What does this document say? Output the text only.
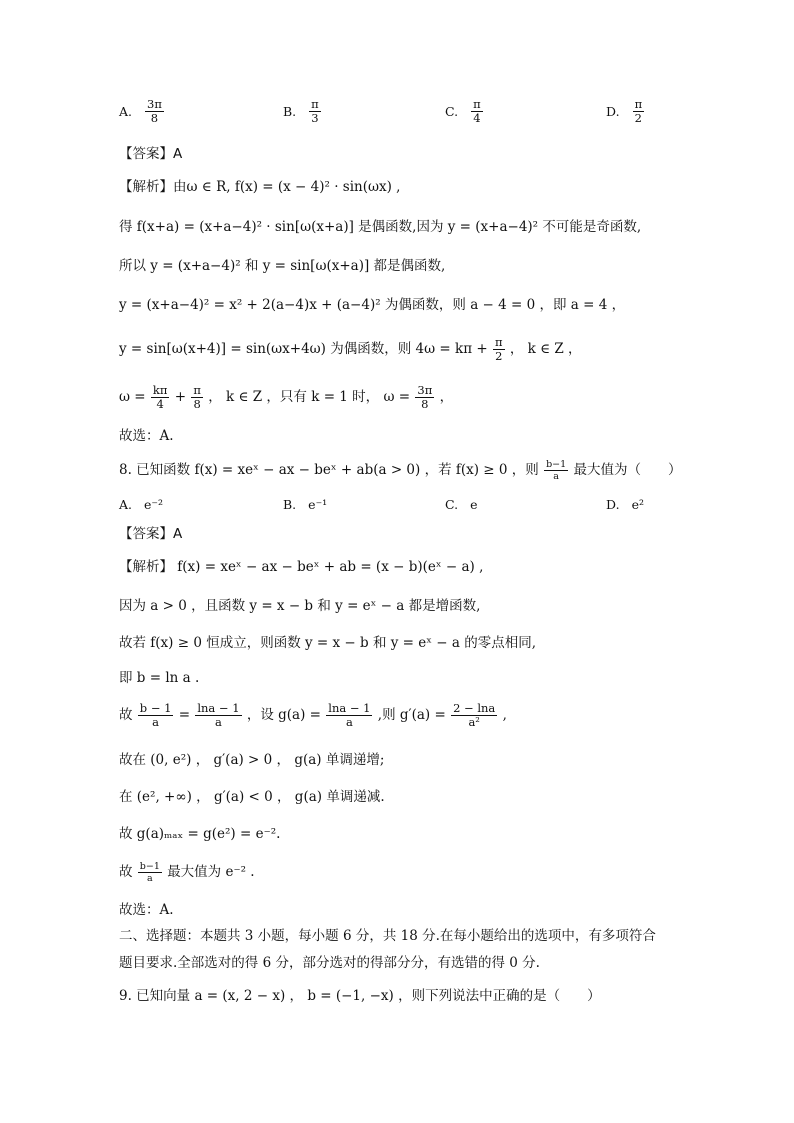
A. $\frac{3\pi}{8}$	B. $\frac{\pi}{3}$	C. $\frac{\pi}{4}$	D. $\frac{\pi}{2}$
【答案】A
【解析】由ω ∈ R, f(x) = (x − 4)² · sin(ωx) ,
得 f(x+a) = (x+a−4)² · sin[ω(x+a)] 是偶函数,因为 y = (x+a−4)² 不可能是奇函数,
所以 y = (x+a−4)² 和 y = sin[ω(x+a)] 都是偶函数,
y = (x+a−4)² = x² + 2(a−4)x + (a−4)² 为偶函数，则 a − 4 = 0 ，即 a = 4 ，
y = sin[ω(x+4)] = sin(ωx+4ω) 为偶函数，则 $4\omega = k\pi + \frac{\pi}{2}$ ， k ∈ Z ，
$\omega = \frac{k\pi}{4} + \frac{\pi}{8}$ ， k ∈ Z ，只有 k = 1 时， $\omega = \frac{3\pi}{8}$ ，
故选：A.
8. 已知函数 f(x) = xeˣ − ax − beˣ + ab(a > 0) ，若 f(x) ≥ 0 ，则 $\frac{b-1}{a}$ 最大值为（　　）
A. e⁻²	B. e⁻¹	C. e	D. e²
【答案】A
【解析】 f(x) = xeˣ − ax − beˣ + ab = (x − b)(eˣ − a) ,
因为 a > 0 ，且函数 y = x − b 和 y = eˣ − a 都是增函数,
故若 f(x) ≥ 0 恒成立，则函数 y = x − b 和 y = eˣ − a 的零点相同,
即 b = ln a .
故 $\frac{b - 1}{a} = \frac{\ln a - 1}{a}$ ，设 $g(a) = \frac{\ln a - 1}{a}$ ,则 $g'(a) = \frac{2 - \ln a}{\text{a²}}$ ,
故在 (0, e²) ， g′(a) > 0 ， g(a) 单调递增;
在 (e², +∞) ， g′(a) < 0 ， g(a) 单调递减.
故 g(a)ₘₐₓ = g(e²) = e⁻².
故 $\frac{b-1}{a}$ 最大值为 e⁻² .
故选：A.
二、选择题：本题共 3 小题，每小题 6 分，共 18 分.在每小题给出的选项中，有多项符合
题目要求.全部选对的得 6 分，部分选对的得部分分，有选错的得 0 分.
9. 已知向量 a = (x, 2 − x) ， b = (−1, −x) ，则下列说法中正确的是（　　）
